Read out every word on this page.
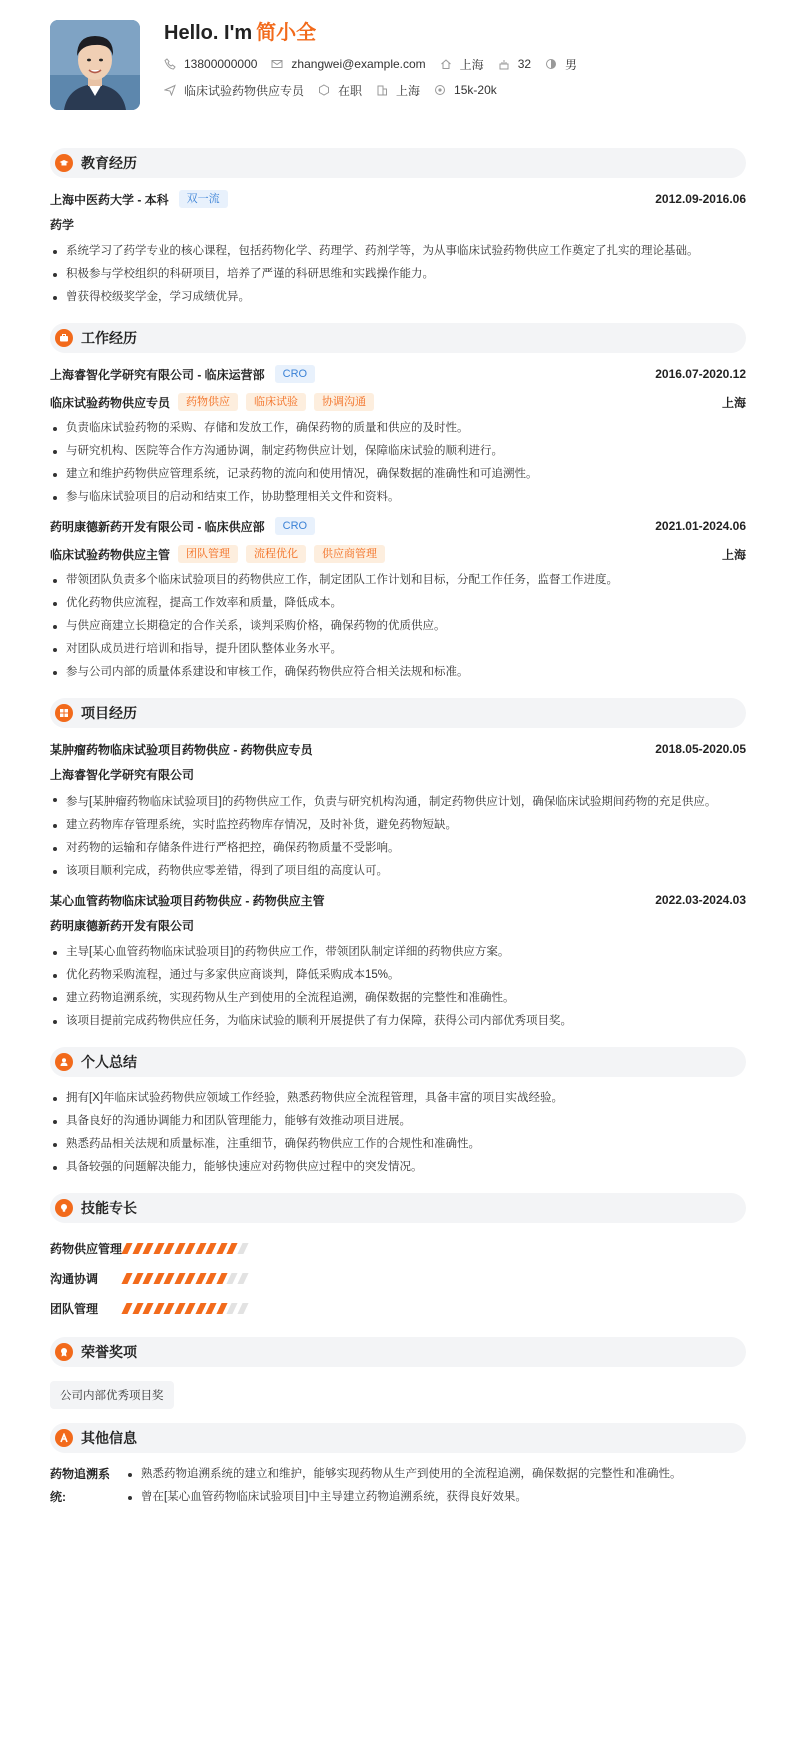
Hello. I'm 简小全
13800000000	zhangwei@example.com	上海	32	男
临床试验药物供应专员	在职	上海	15k-20k
教育经历
上海中医药大学 - 本科	双一流	2012.09-2016.06
药学
系统学习了药学专业的核心课程，包括药物化学、药理学、药剂学等，为从事临床试验药物供应工作奠定了扎实的理论基础。
积极参与学校组织的科研项目，培养了严谨的科研思维和实践操作能力。
曾获得校级奖学金，学习成绩优异。
工作经历
上海睿智化学研究有限公司 - 临床运营部	CRO	2016.07-2020.12
临床试验药物供应专员	药物供应	临床试验	协调沟通	上海
负责临床试验药物的采购、存储和发放工作，确保药物的质量和供应的及时性。
与研究机构、医院等合作方沟通协调，制定药物供应计划，保障临床试验的顺利进行。
建立和维护药物供应管理系统，记录药物的流向和使用情况，确保数据的准确性和可追溯性。
参与临床试验项目的启动和结束工作，协助整理相关文件和资料。
药明康德新药开发有限公司 - 临床供应部	CRO	2021.01-2024.06
临床试验药物供应主管	团队管理	流程优化	供应商管理	上海
带领团队负责多个临床试验项目的药物供应工作，制定团队工作计划和目标，分配工作任务，监督工作进度。
优化药物供应流程，提高工作效率和质量，降低成本。
与供应商建立长期稳定的合作关系，谈判采购价格，确保药物的优质供应。
对团队成员进行培训和指导，提升团队整体业务水平。
参与公司内部的质量体系建设和审核工作，确保药物供应符合相关法规和标准。
项目经历
某肿瘤药物临床试验项目药物供应 - 药物供应专员	2018.05-2020.05
上海睿智化学研究有限公司
参与[某肿瘤药物临床试验项目]的药物供应工作，负责与研究机构沟通，制定药物供应计划，确保临床试验期间药物的充足供应。
建立药物库存管理系统，实时监控药物库存情况，及时补货，避免药物短缺。
对药物的运输和存储条件进行严格把控，确保药物质量不受影响。
该项目顺利完成，药物供应零差错，得到了项目组的高度认可。
某心血管药物临床试验项目药物供应 - 药物供应主管	2022.03-2024.03
药明康德新药开发有限公司
主导[某心血管药物临床试验项目]的药物供应工作，带领团队制定详细的药物供应方案。
优化药物采购流程，通过与多家供应商谈判，降低采购成本15%。
建立药物追溯系统，实现药物从生产到使用的全流程追溯，确保数据的完整性和准确性。
该项目提前完成药物供应任务，为临床试验的顺利开展提供了有力保障，获得公司内部优秀项目奖。
个人总结
拥有[X]年临床试验药物供应领域工作经验，熟悉药物供应全流程管理，具备丰富的项目实战经验。
具备良好的沟通协调能力和团队管理能力，能够有效推动项目进展。
熟悉药品相关法规和质量标准，注重细节，确保药物供应工作的合规性和准确性。
具备较强的问题解决能力，能够快速应对药物供应过程中的突发情况。
技能专长
药物供应管理
沟通协调
团队管理
荣誉奖项
公司内部优秀项目奖
其他信息
药物追溯系统:
熟悉药物追溯系统的建立和维护，能够实现药物从生产到使用的全流程追溯，确保数据的完整性和准确性。
曾在[某心血管药物临床试验项目]中主导建立药物追溯系统，获得良好效果。
